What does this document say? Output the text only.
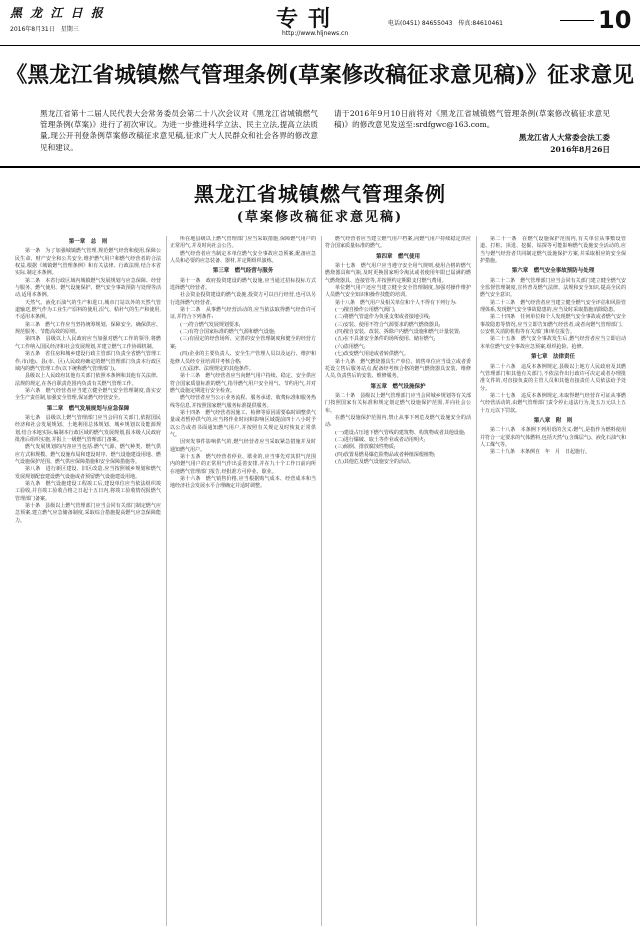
黑 龙 江 日 报
2016年8月31日　星期三	专刊
http://www.hljnews.cn
电话(0451) 84655043　传真:84610461	10
《黑龙江省城镇燃气管理条例(草案修改稿征求意见稿)》征求意见
黑龙江省第十二届人民代表大会常务委员会第二十八次会议对《黑龙江省城镇燃气管理条例(草案)》进行了初次审议。为进一步推进科学立法、民主立法,提高立法质量,现公开刊登条例草案修改稿征求意见稿,征求广大人民群众和社会各界的修改意见和建议。
请于2016年9月10日前将对《黑龙江省城镇燃气管理条例(草案修改稿征求意见稿)》的修改意见发送至:srdfgwc@163.com。
黑龙江省人大常委会法工委
2016年8月26日
黑龙江省城镇燃气管理条例
(草案修改稿征求意见稿)
第一章　总　则

第一条　为了加强城镇燃气管理,规范燃气经营和使用,保障公民生命、财产安全和公共安全,维护燃气用户和燃气经营者的合法权益,根据《城镇燃气管理条例》和有关法律、行政法规,结合本省实际,制定本条例。

第二条　本省行政区域内城镇燃气发展规划与应急保障、经营与服务、燃气使用、燃气设施保护、燃气安全事故预防与处理等活动,适用本条例。

天然气、液化石油气的生产和进口,城市门站以外的天然气管道输送,燃气作为工业生产原料的使用,沼气、秸秆气的生产和使用,不适用本条例。

第三条　燃气工作应当坚持统筹规划、保障安全、确保供应、规范服务、节能高效的原则。

第四条　县级以上人民政府应当加强对燃气工作的领导,将燃气工作纳入国民经济和社会发展规划,并建立燃气工作协调机制。

第五条　省住房和城乡建设行政主管部门负责全省燃气管理工作;市(地)、县(市、区)人民政府确定的燃气管理部门负责本行政区域内的燃气管理工作(以下统称燃气管理部门)。

县级以上人民政府其他有关部门依照本条例和其他有关法律、法规的规定,在各自职责范围内负责有关燃气管理工作。

第六条　燃气经营者应当建立健全燃气安全管理制度,落实安全生产责任制,加强安全管理,保证燃气经营安全。

第二章　燃气发展规划与应急保障

第七条　县级以上燃气管理部门应当会同有关部门,依据国民经济和社会发展规划、土地利用总体规划、城乡规划以及能源规划,结合本地实际,编制本行政区域的燃气发展规划,报本级人民政府批准后组织实施,并报上一级燃气管理部门备案。

燃气发展规划的内容应当包括:燃气气源、燃气种类、燃气供应方式和规模、燃气设施布局和建设时序、燃气设施建设用地、燃气设施保护范围、燃气供应保障措施和安全保障措施等。

第八条　进行新区建设、旧区改造,应当按照城乡规划和燃气发展规划配套建设燃气设施或者预留燃气设施建设用地。

第九条　燃气设施建设工程竣工后,建设单位应当依法组织竣工验收,并自竣工验收合格之日起十五日内,将竣工验收情况报燃气管理部门备案。

第十条　县级以上燃气管理部门应当会同有关部门制定燃气应急预案,建立燃气应急储备制度,采取综合措施提高燃气应急保障能力。

所在地县级以上燃气管理部门应当采取措施,保障燃气用户的正常用气,并及时向社会公告。

燃气经营者应当制定本单位燃气安全事故应急预案,配备应急人员和必要的应急装备、器材,并定期组织演练。

第三章　燃气经营与服务

第十一条　政府投资建设的燃气设施,应当通过招标投标方式选择燃气经营者。

社会资金投资建设的燃气设施,投资方可以自行经营,也可以另行选择燃气经营者。

第十二条　从事燃气经营活动的,应当依法取得燃气经营许可证,并符合下列条件:

(一)符合燃气发展规划要求;

(二)有符合国家标准的燃气气源和燃气设施;

(三)有固定的经营场所、完善的安全管理制度和健全的经营方案;

(四)企业的主要负责人、安全生产管理人员以及运行、维护和抢修人员经专业培训并考核合格;

(五)法律、法规规定的其他条件。

第十三条　燃气经营者应当向燃气用户持续、稳定、安全供应符合国家质量标准的燃气,指导燃气用户安全用气、节约用气,并对燃气设施定期进行安全检查。

燃气经营者应当公示业务流程、服务承诺、收费标准和服务热线等信息,并按照国家燃气服务标准提供服务。

第十四条　燃气经营者因施工、检修等原因需要临时调整供气量或者暂停供气的,应当将作业时间和影响区域提前四十八小时予以公告或者书面通知燃气用户,并按照有关规定及时恢复正常供气。

因突发事件影响供气的,燃气经营者应当采取紧急措施并及时通知燃气用户。

第十五条　燃气经营者停业、歇业的,应当事先对其供气范围内的燃气用户的正常用气作出妥善安排,并在九十个工作日前向所在地燃气管理部门报告,经批准方可停业、歇业。

第十六条　燃气销售价格,应当根据购气成本、经营成本和当地经济社会发展水平合理确定并适时调整。

燃气经营者应当建立燃气用户档案,向燃气用户持续稳定供应符合国家质量标准的燃气。

第四章　燃气使用

第十七条　燃气用户应当遵守安全用气规则,使用合格的燃气燃烧器具和气瓶,及时更换国家明令淘汰或者使用年限已届满的燃气燃烧器具、连接管等,并按照约定期限支付燃气费用。

单位燃气用户还应当建立健全安全管理制度,加强对操作维护人员燃气安全知识和操作技能的培训。

第十八条　燃气用户及相关单位和个人不得有下列行为:

(一)擅自操作公用燃气阀门;

(二)将燃气管道作为负重支架或者接地引线;

(三)安装、使用不符合气源要求的燃气燃烧器具;

(四)擅自安装、改装、拆除户内燃气设施和燃气计量装置;

(五)在不具备安全条件的场所使用、储存燃气;

(六)盗用燃气;

(七)改变燃气用途或者转供燃气。

第十九条　燃气燃烧器具生产单位、销售单位应当设立或者委托设立售后服务站点,配备经考核合格的燃气燃烧器具安装、维修人员,负责售后的安装、维修服务。

第五章　燃气设施保护

第二十条　县级以上燃气管理部门应当会同城乡规划等有关部门按照国家有关标准和规定划定燃气设施保护范围,并向社会公布。

在燃气设施保护范围内,禁止从事下列危及燃气设施安全的活动:

(一)建设占压地下燃气管线的建筑物、构筑物或者其他设施;

(二)进行爆破、取土等作业或者动用明火;

(三)倾倒、排放腐蚀性物质;

(四)放置易燃易爆危险物品或者种植深根植物;

(五)其他危及燃气设施安全的活动。

第二十一条　在燃气设施保护范围内,有关单位从事敷设管道、打桩、顶进、挖掘、钻探等可能影响燃气设施安全活动的,应当与燃气经营者共同制定燃气设施保护方案,并采取相应的安全保护措施。

第六章　燃气安全事故预防与处理

第二十二条　燃气管理部门应当会同有关部门建立健全燃气安全监督管理制度,宣传普及燃气法律、法规和安全知识,提高全民的燃气安全意识。

第二十三条　燃气经营者应当建立健全燃气安全评估和风险管理体系,发现燃气安全事故隐患的,应当及时采取措施消除隐患。

第二十四条　任何单位和个人发现燃气安全事故或者燃气安全事故隐患等情况,应当立即告知燃气经营者,或者向燃气管理部门、公安机关消防机构等有关部门和单位报告。

第二十五条　燃气安全事故发生后,燃气经营者应当立即启动本单位燃气安全事故应急预案,组织抢险、抢修。

第七章　法律责任

第二十六条　违反本条例规定,县级以上地方人民政府及其燃气管理部门和其他有关部门,不依法作出行政许可决定或者办理批准文件的,对直接负责的主管人员和其他直接责任人员依法给予处分。

第二十七条　违反本条例规定,未取得燃气经营许可证从事燃气经营活动的,由燃气管理部门责令停止违法行为,处五万元以上五十万元以下罚款。

第八章　附　则

第二十八条　本条例下列用语的含义:燃气,是指作为燃料使用并符合一定要求的气体燃料,包括天然气(含煤层气)、液化石油气和人工煤气等。

第二十九条　本条例自　年　月　日起施行。
